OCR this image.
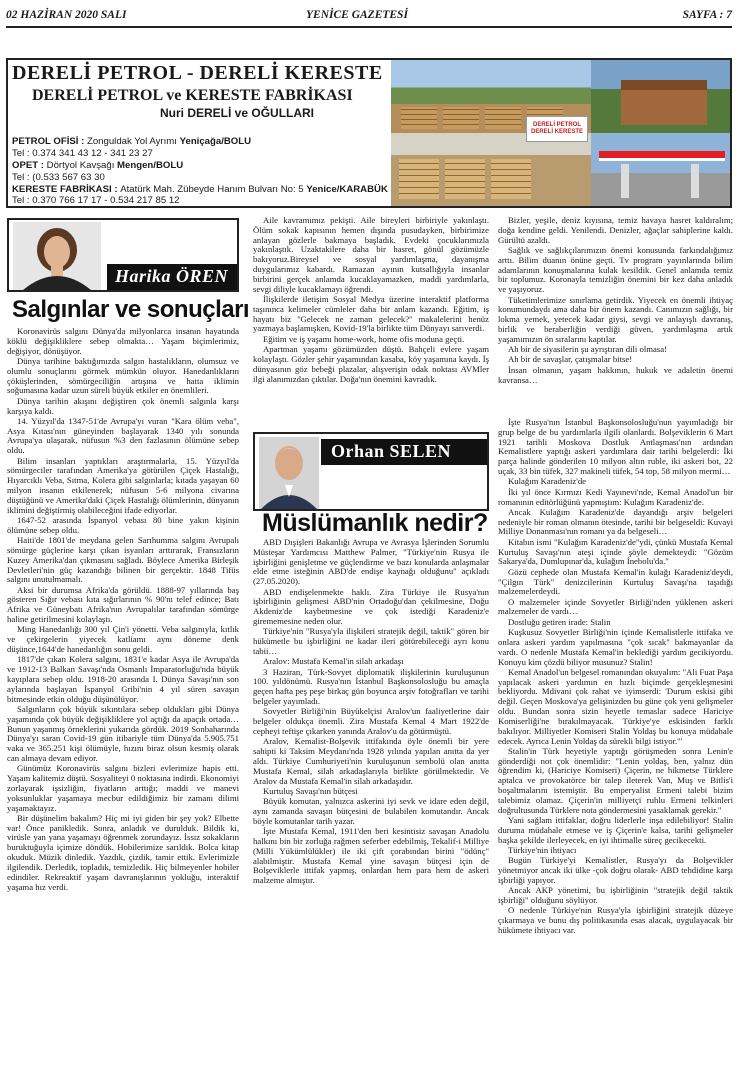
02 HAZİRAN 2020 SALI	YENİCE GAZETESİ	SAYFA : 7
DERELİ PETROL - DERELİ KERESTE
DERELİ PETROL ve KERESTE FABRİKASI
Nuri DERELİ ve OĞULLARI
PETROL OFİSİ : Zonguldak Yol Ayrımı Yeniçağa/BOLU
Tel : 0.374 341 43 12 - 341 23 27
OPET : Dörtyol Kavşağı Mengen/BOLU
Tel : (0.533 567 63 30
KERESTE FABRİKASI : Atatürk Mah. Zübeyde Hanım Bulvarı No: 5 Yenice/KARABÜK
Tel : 0.370 766 17 17 - 0.534 217 85 12
DERELİ PETROL DERELİ KERESTE
Harika ÖREN
Salgınlar ve sonuçları

Koronavirüs salgını Dünya'da milyonlarca insanın hayatında köklü değişikliklere sebep olmakta… Yaşam biçimlerimiz, değişiyor, dönüşüyor.

Dünya tarihine baktığımızda salgın hastalıkların, olumsuz ve olumlu sonuçlarını görmek mümkün oluyor. Hanedanlıkların çöküşlerinden, sömürgeciliğin artışına ve hatta iklimin soğumasına kadar uzun süreli büyük etkiler en önemlileri.

Dünya tarihin akışını değiştiren çok önemli salgınla karşı karşıya kaldı.

14. Yüzyıl'da 1347-51'de Avrupa'yı vuran "Kara ölüm veba", Asya Kıtası'nın güneyinden başlayarak 1340 yılı sonunda Avrupa'ya ulaşarak, nüfusun %3 den fazlasının ölümüne sebep oldu.

Bilim insanları yaptıkları araştırmalarla, 15. Yüzyıl'da sömürgeciler tarafından Amerika'ya götürülen Çiçek Hastalığı, Hıyarcıklı Veba, Sıtma, Kolera gibi salgınlarla; kıtada yaşayan 60 milyon insanın etkilenerek; nüfusun 5-6 milyona civarına düştüğünü ve Amerika'daki Çiçek Hastalığı ölümlerinin, dünyanın iklimini değiştirmiş olabileceğini ifade ediyorlar.

1647-52 arasında İspanyol vebası 80 bine yakın kişinin ölümüne sebep oldu.

Haiti'de 1801'de meydana gelen Sarıhumma salgını Avrupalı sömürge güçlerine karşı çıkan isyanları arttırarak, Fransızların Kuzey Amerika'dan çıkmasını sağladı. Böylece Amerika Birleşik Devletleri'nin güç kazandığı bilinen bir gerçektir. 1848 Tifüs salgını unutulmamalı.

Aksi bir durumsa Afrika'da görüldü. 1888-97 yıllarında baş gösteren Sığır vebası kıta sığırlarının % 90'nı telef edince; Batı Afrika ve Güneybatı Afrika'nın Avrupalılar tarafından sömürge haline getirilmesini kolaylaştı.

Ming Hanedanlığı 300 yıl Çin'i yönetti. Veba salgınıyla, kıtlık ve çekirgelerin yiyecek katliamı aynı döneme denk düşünce,1644'de hanedanlığın sonu geldi.

1817'de çıkan Kolera salgını, 1831'e kadar Asya ile Avrupa'da ve 1912-13 Balkan Savaşı'nda Osmanlı İmparatorluğu'nda büyük kayıplara sebep oldu. 1918-20 arasında I. Dünya Savaşı'nın son aylarında başlayan İspanyol Gribi'nin 4 yıl süren savaşın bitmesinde etkin olduğu düşünülüyor.

Salgınların çok büyük sıkıntılara sebep oldukları gibi Dünya yaşamında çok büyük değişikliklere yol açtığı da apaçık ortada… Bunun yaşanmış örneklerini yukarıda gördük. 2019 Sonbaharında Dünya'yı saran Covid-19 gün itibariyle tüm Dünya'da 5.905.751 vaka ve 365.251 kişi ölümüyle, hızını biraz olsun kesmiş olarak can almaya devam ediyor.

Günümüz Koronavirüs salgını bizleri evlerimize hapis etti. Yaşam kalitemiz düştü. Sosyaliteyi 0 noktasına indirdi. Ekonomiyi zorlayarak işsizliğin, fiyatların arttığı; maddi ve manevi yoksunluklar yaşamaya mecbur edildiğimiz bir zamanı dilimi yaşamaktayız.

Bir düşünelim bakalım? Hiç mi iyi giden bir şey yok? Elbette var! Önce panikledik. Sonra, anladık ve durulduk. Bildik ki, virüsle yan yana yaşamayı öğrenmek zorundayız. İssız sokakların buruktuğuyla içimize döndük. Hobilerimize sarıldık. Bolca kitap okuduk. Müzik dinledik. Yazdık, çizdik, tamir ettik. Evlerimizle ilgilendik. Derledik, topladık, temizledik. Hiç bilmeyenler hobiler edindiler. Rekreaktif yaşam davranışlarının yokluğu, interaktif yaşama hız verdi.

Aile kavramımız pekişti. Aile bireyleri birbiriyle yakınlaştı. Ölüm sokak kapısının hemen dışında pusudayken, birbirimize anlayan gözlerle bakmaya başladık. Evdeki çocuklarımızla yakınlaştık. Uzaktakilere daha bir hasret, gönül gözümüzle bakıyoruz.Bireysel ve sosyal yardımlaşma, dayanışma duygularımız kabardı. Ramazan ayının kutsallığıyla insanlar birbirini gerçek anlamda kucaklayamazken, maddi yardımlarla, sevgi diliyle kucaklamayı öğrendi.

İlişkilerde iletişim Sosyal Medya üzerine interaktif platforma taşınınca kelimeler cümleler daha bir anlam kazandı. Eğitim, iş hayatı biz ''Gelecek ne zaman gelecek?'' makalelerini henüz yazmaya başlamışken, Kovid-19'la birlikte tüm Dünyayı sarıverdi.

Eğitim ve iş yaşamı home-work, home ofis moduna geçti.

Apartman yaşamı gözümüzden düştü. Bahçeli evlere yaşam kolaylaştı. Gözler şehir yaşamından kasaba, köy yaşamına kaydı. İş dünyasının göz bebeği plazalar, alışverişin odak noktası AVMler ilgi alanımızdan çıktılar. Doğa'nın önemini kavradık.

Bizler, yeşile, deniz kıyısına, temiz havaya hasret kaldıralım; doğa kendine geldi. Yenilendi. Denizler, ağaçlar sahiplerine kaldı. Gürültü azaldı.

Sağlık ve sağlıkçılarımızın önemi konusunda farkındalığımız arttı. Bilim duanın önüne geçti. Tv program yayınlarında bilim adamlarının konuşmalarına kulak kesildik. Genel anlamda temiz bir toplumuz. Koronayla temizliğin önemini bir kez daha anladık ve yaşıyoruz.

Tüketimlerimize sınırlama getirdik. Yiyecek en önemli ihtiyaç konumundaydı ama daha bir önem kazandı. Canımızın sağlığı, bir lokma yemek, yetecek kadar giysi, sevgi ve anlayışlı davranış, birlik ve beraberliğin verdiği güven, yardımlaşma artık yaşamımızın ön sıralarını kaptılar.

Ah bir de siyasilerin şu ayrıştıran dili olmasa!

Ah bir de savaşlar, çatışmalar bitse!

İnsan olmanın, yaşam hakkının, hukuk ve adaletin önemi kavransa…

Orhan SELEN
Müslümanlık nedir?

ABD Dışişleri Bakanlığı Avrupa ve Avrasya İşlerinden Sorumlu Müsteşar Yardımcısı Matthew Palmer, "Türkiye'nin Rusya ile işbirliğini genişletme ve güçlendirme ve bazı konularda anlaşmalar elde etme isteğinin ABD'de endişe kaynağı olduğunu" açıkladı (27.05.2020).

ABD endişelenmekte haklı. Zira Türkiye ile Rusya'nın işbirliğinin gelişmesi ABD'nin Ortadoğu'dan çekilmesine, Doğu Akdeniz'de kaybetmesine ve çok istediği Karadeniz'e girememesine neden olur.

Türkiye'nin "Rusya'yla ilişkileri stratejik değil, taktik" gören bir hükümetle bu işbirliğini ne kadar ileri götürebileceği ayrı konu tabii…

Aralov: Mustafa Kemal'in silah arkadaşı

3 Haziran, Türk-Sovyet diplomatik ilişkilerinin kuruluşunun 100. yıldönümü. Rusya'nın İstanbul Başkonsolosluğu bu amaçla geçen hafta peş peşe birkaç gün boyunca arşiv fotoğrafları ve tarihi belgeler yayımladı.

Sovyetler Birliği'nin Büyükelçisi Aralov'un faaliyetlerine dair belgeler oldukça önemli. Zira Mustafa Kemal 4 Mart 1922'de cepheyi teftişe çıkarken yanında Aralov'u da götürmüştü.

Aralov, Kemalist-Bolşevik ittifakında öyle önemli bir yere sahipti ki Taksim Meydanı'nda 1928 yılında yapılan anıtta da yer aldı. Türkiye Cumhuriyeti'nin kuruluşunun sembolü olan anıtta Mustafa Kemal, silah arkadaşlarıyla birlikte görülmektedir. Ve Aralov da Mustafa Kemal'in silah arkadaşıdır.

Kurtuluş Savaşı'nın bütçesi

Büyük komutan, yalnızca askerini iyi sevk ve idare eden değil, aynı zamanda savaşın bütçesini de bulabilen komutandır. Ancak böyle komutanlar tarih yazar.

İşte Mustafa Kemal, 1911'den beri kesintisiz savaşan Anadolu halkını bin bir zorluğa rağmen seferber edebilmiş, Tekalif-i Milliye (Milli Yükümlülükler) ile iki çift çorabından birini "ödünç" alabilmiştir. Mustafa Kemal yine savaşın bütçesi için de Bolşeviklerle ittifak yapmış, onlardan hem para hem de askeri malzeme almıştır.

İşte Rusya'nın İstanbul Başkonsolosluğu'nun yayımladığı bir grup belge de bu yardımlarla ilgili olanlardı. Bolşeviklerin 6 Mart 1921 tarihli Moskova Dostluk Antlaşması'nın ardından Kemalistlere yaptığı askeri yardımlara dair tarihi belgelerdi: İki parça halinde gönderilen 10 milyon altın ruble, iki askeri bot, 22 uçak, 33 bin tüfek, 327 makineli tüfek, 54 top, 58 milyon mermi…

Kulağım Karadeniz'de

İki yıl önce Kırmızı Kedi Yayınevi'nde, Kemal Anadol'un bir romanının editörlüğünü yapmıştım: Kulağım Karadeniz'de.

Ancak Kulağım Karadeniz'de dayandığı arşiv belgeleri nedeniyle bir roman olmanın ötesinde, tarihi bir belgeseldi: Kuvayi Milliye Donanması'nın romanı ya da belgeseli…

Kitabın ismi "Kulağım Karadeniz'de"ydi, çünkü Mustafa Kemal Kurtuluş Savaşı'nın ateşi içinde şöyle demekteydi: "Gözüm Sakarya'da, Dumlupınar'da, kulağım İnebolu'da."

Gözü cephede olan Mustafa Kemal'in kulağı Karadeniz'deydi, "Çilgın Türk" denizcilerinin Kurtuluş Savaşı'na taşıdığı malzemelerdeydi.

O malzemeler içinde Sovyetler Birliği'nden yüklenen askeri malzemeler de vardı…

Dostluğu getiren irade: Stalin

Kuşkusuz Sovyetler Birliği'nin içinde Kemalistlerle ittifaka ve onlara askeri yardım yapılmasına "çok sıcak" bakmayanlar da vardı. O nedenle Mustafa Kemal'in beklediği yardım gecikiyordu. Konuyu kim çözdü biliyor musunuz? Stalin!

Kemal Anadol'un belgesel romanından okuyalım: "Ali Fuat Paşa yapılacak askeri yardımın en hızlı biçimde gerçekleşmesini bekliyordu. Mdivani çok rahat ve iyimserdi: 'Durum eskisi gibi değil. Geçen Moskova'ya gelişinizden bu güne çok yeni gelişmeler oldu. Bundan sonra sizin heyetle temaslar sadece Hariciye Komiserliği'ne bırakılmayacak. Türkiye'ye eskisinden farklı bakılıyor. Milliyetler Komiseri Stalin Yoldaş bu konuya müdahale edecek. Ayrıca Lenin Yoldaş da sürekli bilgi istiyor.'"

Stalin'in Türk heyetiyle yaptığı görüşmeden sonra Lenin'e gönderdiği not çok önemlidir: "Lenin yoldaş, ben, yalnız dün öğrendim ki, (Hariciye Komiseri) Çiçerin, ne hikmetse Türklere aptalca ve provokatörce bir talep ileterek Van, Muş ve Bitlis'i boşaltmalarını istemiştir. Bu emperyalist Ermeni talebi bizim talebimiz olamaz. Çiçerin'in milliyetçi ruhlu Ermeni telkinleri doğrultusunda Türklere nota göndermesini yasaklamak gerekir."

Yani sağlam ittifaklar, doğru liderlerle inşa edilebiliyor! Stalin duruma müdahale etmese ve iş Çiçerin'e kalsa, tarihi gelişmeler başka şekilde ilerleyecek, en iyi ihtimalle süreç gecikecekti.

Türkiye'nin ihtiyacı

Bugün Türkiye'yi Kemalistler, Rusya'yı da Bolşevikler yönetmiyor ancak iki ülke -çok doğru olarak- ABD tehdidine karşı işbirliği yapıyor.

Ancak AKP yönetimi, bu işbirliğinin "stratejik değil taktik işbirliği" olduğunu söylüyor.

O nedenle Türkiye'nin Rusya'yla işbirliğini stratejik düzeye çıkarmaya ve bunu dış politikasında esas alacak, uygulayacak bir hükümete ihtiyacı var.
